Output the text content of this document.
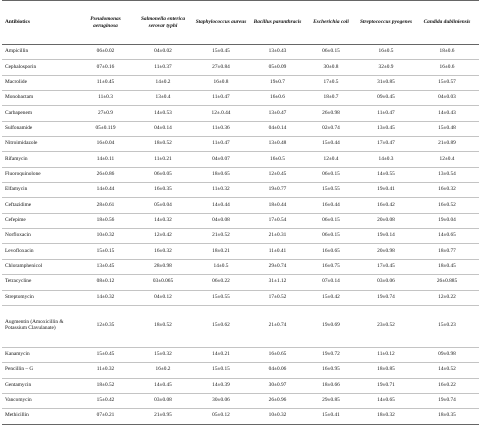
Antibiotics	Pseudomonas aeruginosa	Salmonella enterica serovar typhi	Staphylococcus aureus	Bacillus paranthracis	Escherichia coli	Streptococcus pyogenes	Candida dubliniensis
Ampicillin	06±0.02	04±0.02	15±0.45	13±0.43	06±0.15	16±0.5	18±0.6
Cephalosporin	07±0.16	11±0.37	27±0.84	05±0.09	30±0.8	32±0.9	16±0.6
Macrolide	11±0.45	14±0.2	16±0.8	19±0.7	17±0.5	31±0.85	15±0.57
Monobactam	11±0.3	13±0.4	11±0.47	16±0.6	18±0.7	09±0.45	04±0.03
Carbapenem	27±0.9	14±0.53	12±.0.44	13±0.47	26±0.98	11±0.47	14±0.43
Sulfonamide	05±0.119	04±0.14	11±0.36	04±0.14	02±0.74	13±0.45	15±0.48
Nitroimidazole	16±0.04	18±0.52	11±0.47	13±0.48	15±0.44	17±0.47	21±0.89
Rifamycin	14±0.11	11±0.21	04±0.07	16±0.5	12±0.4	14±0.3	12±0.4
Fluoroquinolone	26±0.86	06±0.05	18±0.65	12±0.45	06±0.15	14±0.55	13±0.54
Elfamycin	14±0.44	16±0.35	11±0.32	19±0.77	15±0.55	19±0.41	16±0.32
Ceftazidime	28±0.61	05±0.04	14±0.44	18±0.44	16±0.44	16±0.42	16±0.52
Cefepime	18±0.56	14±0.32	04±0.08	17±0.54	06±0.15	20±0.08	19±0.04
Norfloxacin	10±0.32	12±0.42	21±0.52	21±0.31	06±0.15	19±0.14	14±0.65
Levofloxacin	15±0.15	16±0.32	18±0.21	11±0.41	16±0.65	20±0.98	18±0.77
Chloramphenicol	13±0.45	28±0.98	14±0.5	29±0.74	16±0.75	17±0.45	18±0.45
Tetracycline	08±0.12	03±0.065	06±0.22	31±1.12	07±0.14	03±0.06	26±0.885
Streptomycin	14±0.32	04±0.12	15±0.55	17±0.52	15±0.42	19±0.74	12±0.22
Augmentin (Amoxicillin & Potassium Clavulanate)	12±0.35	18±0.52	15±0.62	21±0.74	19±0.69	23±0.52	15±0.23
Kanamycin	15±0.45	15±0.32	14±0.21	16±0.65	19±0.72	11±0.12	09±0.98
Pencillin – G	11±0.32	16±0.2	15±0.15	04±0.06	16±0.95	18±0.85	14±0.52
Gentamycin	18±0.52	14±0.45	14±0.39	30±0.97	18±0.66	19±0.71	16±0.22
Vancomycin	15±0.42	03±0.08	30±0.06	26±0.96	29±0.85	14±0.65	19±0.74
Methicillin	07±0.21	21±0.95	05±0.12	10±0.32	15±0.41	18±0.32	18±0.35
